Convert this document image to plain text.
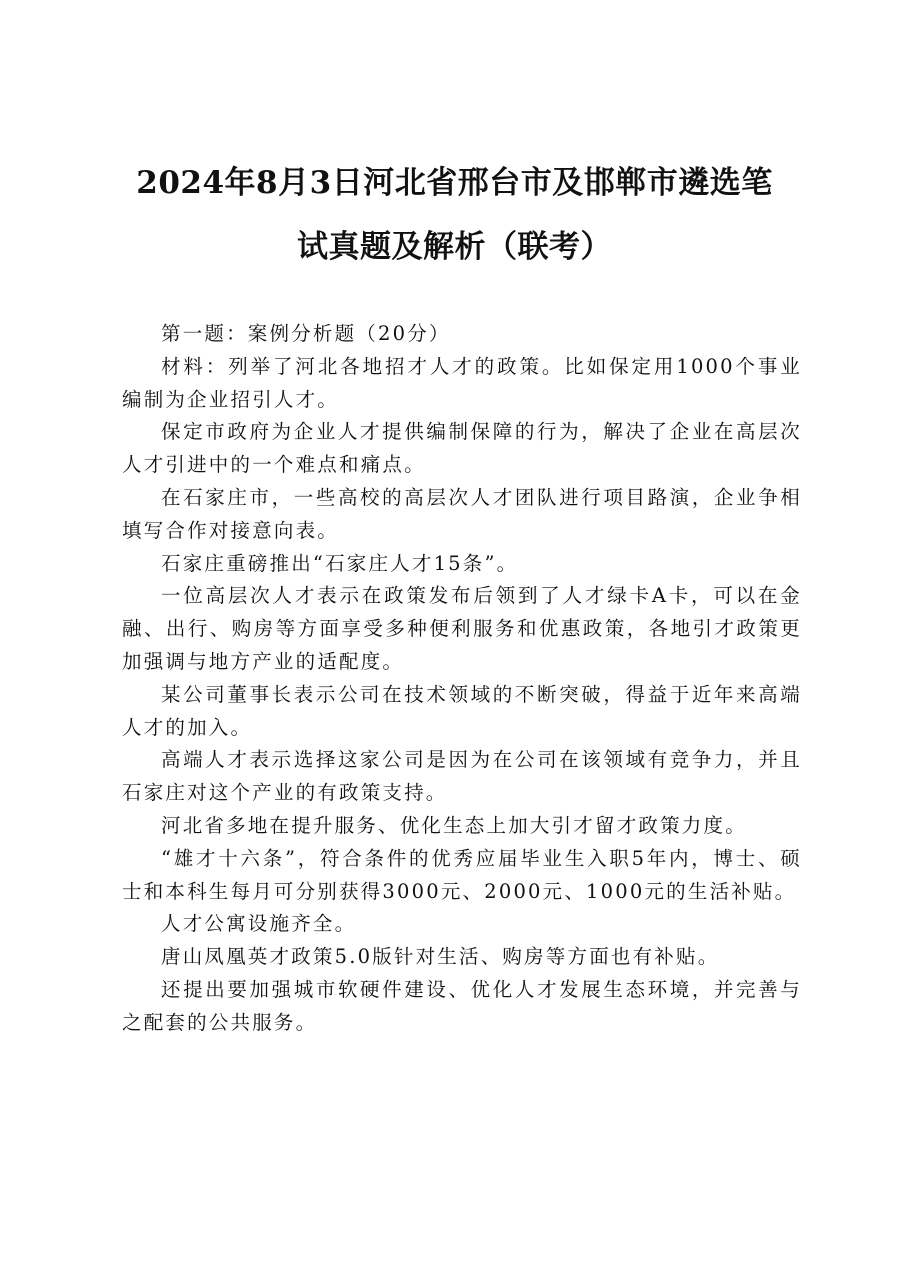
2024年8月3日河北省邢台市及邯郸市遴选笔
试真题及解析（联考）

第一题：案例分析题（20分）

材料：列举了河北各地招才人才的政策。比如保定用1000个事业编制为企业招引人才。

保定市政府为企业人才提供编制保障的行为，解决了企业在高层次人才引进中的一个难点和痛点。

在石家庄市，一些高校的高层次人才团队进行项目路演，企业争相填写合作对接意向表。

石家庄重磅推出“石家庄人才15条”。

一位高层次人才表示在政策发布后领到了人才绿卡A卡，可以在金融、出行、购房等方面享受多种便利服务和优惠政策，各地引才政策更加强调与地方产业的适配度。

某公司董事长表示公司在技术领域的不断突破，得益于近年来高端人才的加入。

高端人才表示选择这家公司是因为在公司在该领域有竞争力，并且石家庄对这个产业的有政策支持。

河北省多地在提升服务、优化生态上加大引才留才政策力度。

“雄才十六条”，符合条件的优秀应届毕业生入职5年内，博士、硕士和本科生每月可分别获得3000元、2000元、1000元的生活补贴。

人才公寓设施齐全。

唐山凤凰英才政策5.0版针对生活、购房等方面也有补贴。

还提出要加强城市软硬件建设、优化人才发展生态环境，并完善与之配套的公共服务。
